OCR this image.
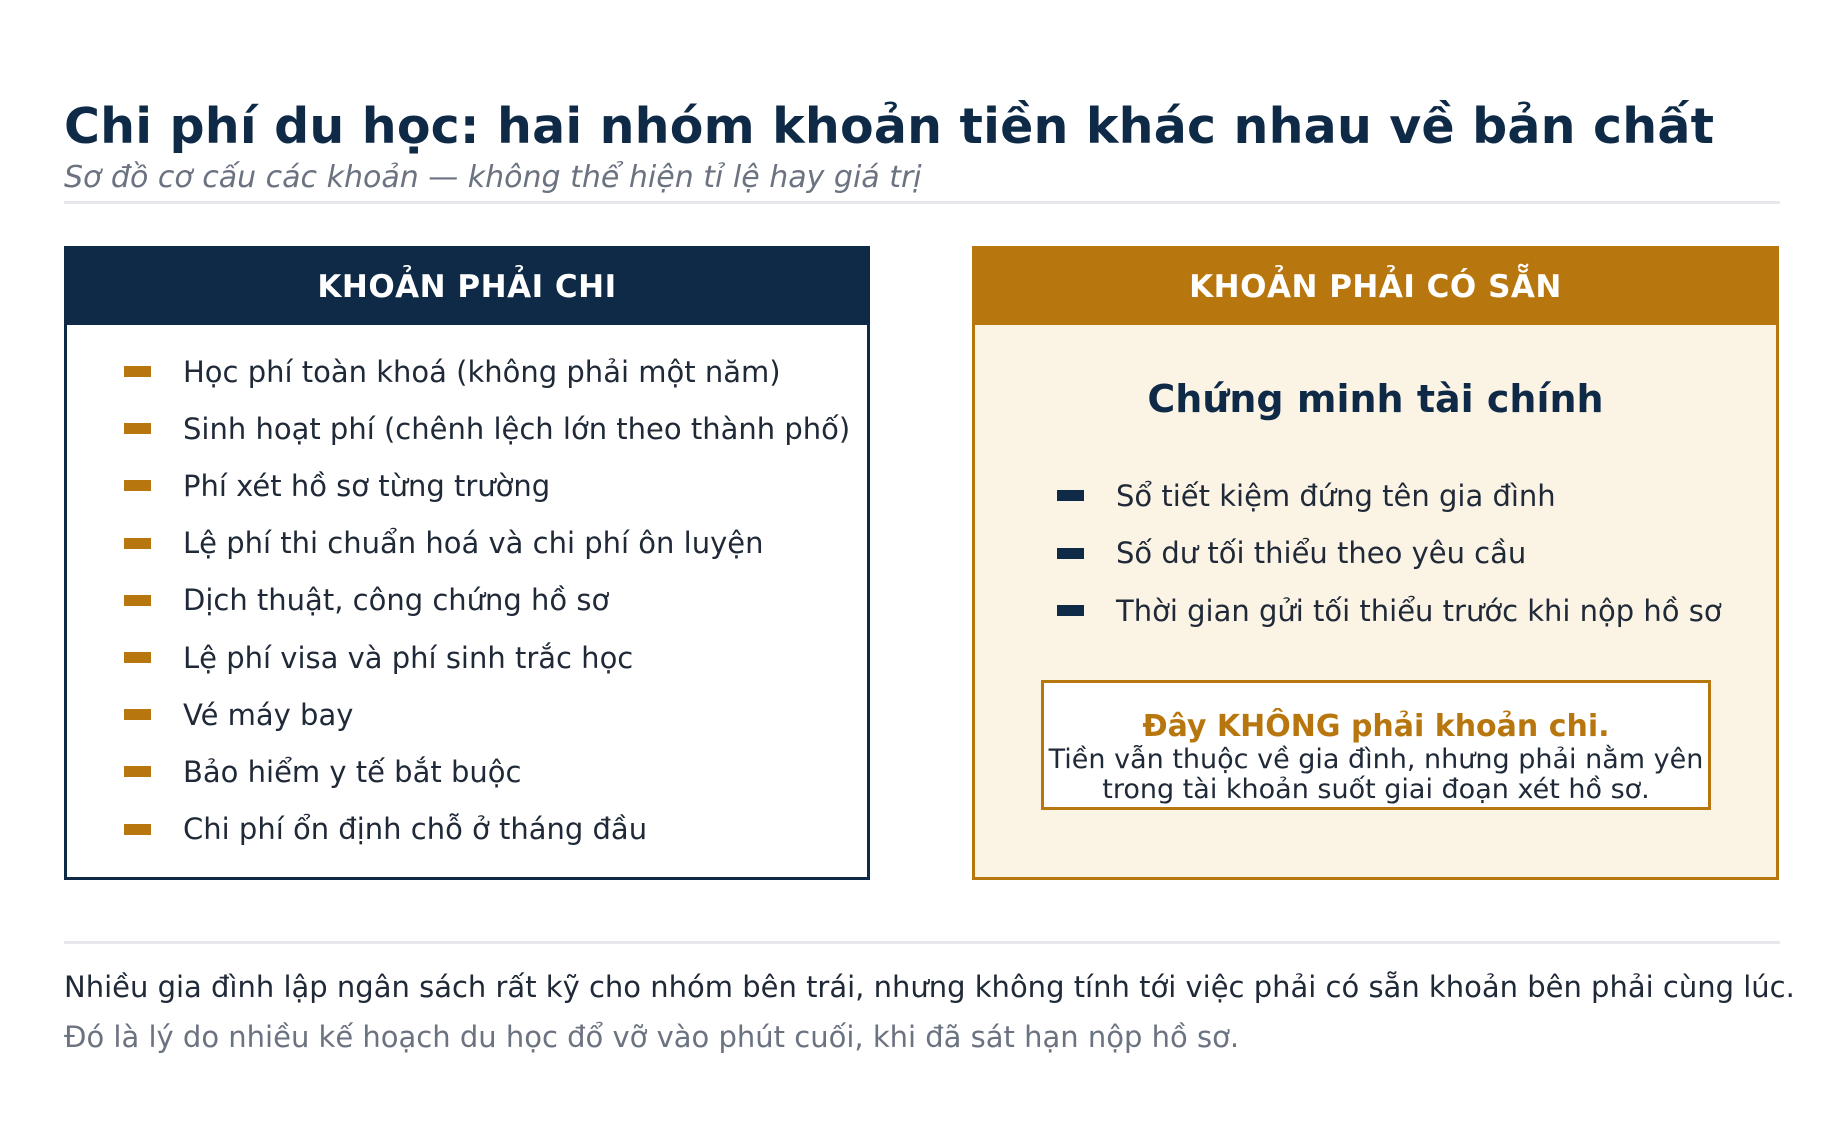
Chi phí du học: hai nhóm khoản tiền khác nhau về bản chất
Sơ đồ cơ cấu các khoản — không thể hiện tỉ lệ hay giá trị
KHOẢN PHẢI CHI
Học phí toàn khoá (không phải một năm)
Sinh hoạt phí (chênh lệch lớn theo thành phố)
Phí xét hồ sơ từng trường
Lệ phí thi chuẩn hoá và chi phí ôn luyện
Dịch thuật, công chứng hồ sơ
Lệ phí visa và phí sinh trắc học
Vé máy bay
Bảo hiểm y tế bắt buộc
Chi phí ổn định chỗ ở tháng đầu
KHOẢN PHẢI CÓ SẴN
Chứng minh tài chính
Sổ tiết kiệm đứng tên gia đình
Số dư tối thiểu theo yêu cầu
Thời gian gửi tối thiểu trước khi nộp hồ sơ
Đây KHÔNG phải khoản chi.
Tiền vẫn thuộc về gia đình, nhưng phải nằm yên
trong tài khoản suốt giai đoạn xét hồ sơ.
Nhiều gia đình lập ngân sách rất kỹ cho nhóm bên trái, nhưng không tính tới việc phải có sẵn khoản bên phải cùng lúc.
Đó là lý do nhiều kế hoạch du học đổ vỡ vào phút cuối, khi đã sát hạn nộp hồ sơ.
